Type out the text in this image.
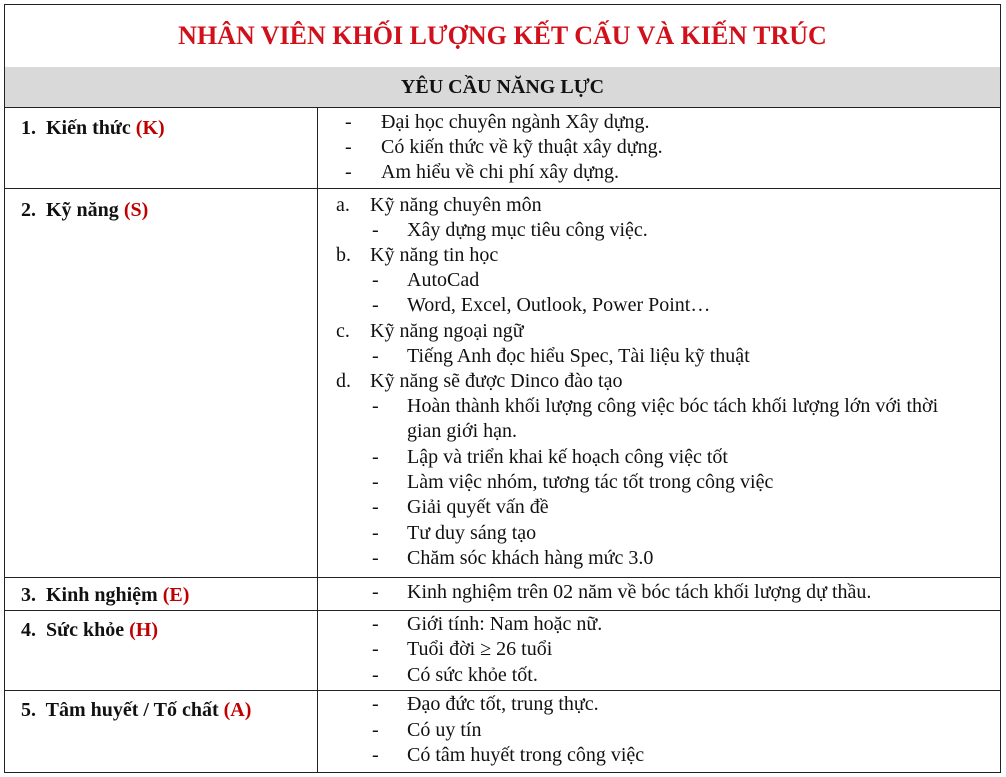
NHÂN VIÊN KHỐI LƯỢNG KẾT CẤU VÀ KIẾN TRÚC
YÊU CẦU NĂNG LỰC
1. Kiến thức (K)	- Đại học chuyên ngành Xây dựng.
- Có kiến thức về kỹ thuật xây dựng.
- Am hiểu về chi phí xây dựng.
2. Kỹ năng (S)	a. Kỹ năng chuyên môn
- Xây dựng mục tiêu công việc.
b. Kỹ năng tin học
- AutoCad
- Word, Excel, Outlook, Power Point…
c. Kỹ năng ngoại ngữ
- Tiếng Anh đọc hiểu Spec, Tài liệu kỹ thuật
d. Kỹ năng sẽ được Dinco đào tạo
- Hoàn thành khối lượng công việc bóc tách khối lượng lớn với thời
gian giới hạn.
- Lập và triển khai kế hoạch công việc tốt
- Làm việc nhóm, tương tác tốt trong công việc
- Giải quyết vấn đề
- Tư duy sáng tạo
- Chăm sóc khách hàng mức 3.0
3. Kinh nghiệm (E)	- Kinh nghiệm trên 02 năm về bóc tách khối lượng dự thầu.
4. Sức khỏe (H)	- Giới tính: Nam hoặc nữ.
- Tuổi đời ≥ 26 tuổi
- Có sức khỏe tốt.
5. Tâm huyết / Tố chất (A)	- Đạo đức tốt, trung thực.
- Có uy tín
- Có tâm huyết trong công việc
